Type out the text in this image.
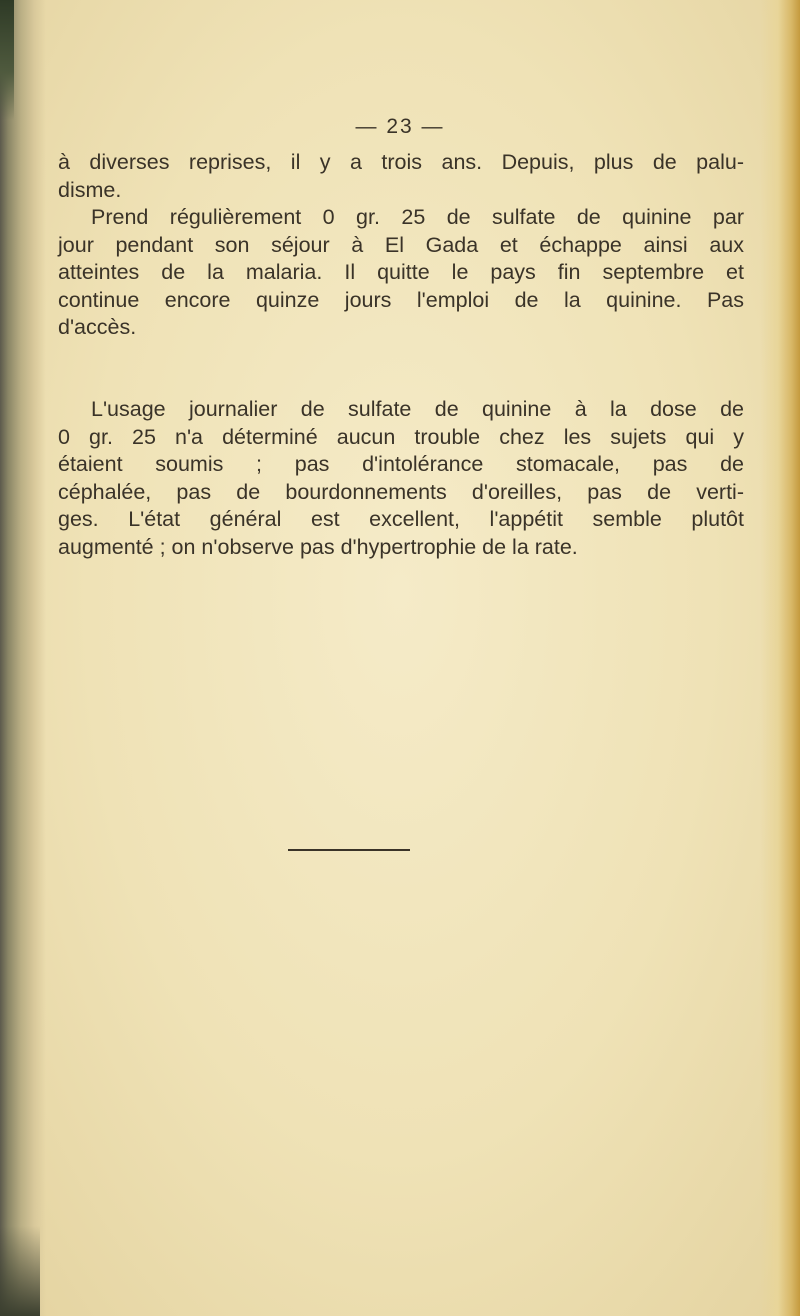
— 23 —

à diverses reprises, il y a trois ans. Depuis, plus de palu-
disme.

Prend régulièrement 0 gr. 25 de sulfate de quinine par
jour pendant son séjour à El Gada et échappe ainsi aux
atteintes de la malaria. Il quitte le pays fin septembre et
continue encore quinze jours l'emploi de la quinine. Pas
d'accès.

L'usage journalier de sulfate de quinine à la dose de
0 gr. 25 n'a déterminé aucun trouble chez les sujets qui y
étaient soumis ; pas d'intolérance stomacale, pas de
céphalée, pas de bourdonnements d'oreilles, pas de verti-
ges. L'état général est excellent, l'appétit semble plutôt
augmenté ; on n'observe pas d'hypertrophie de la rate.
